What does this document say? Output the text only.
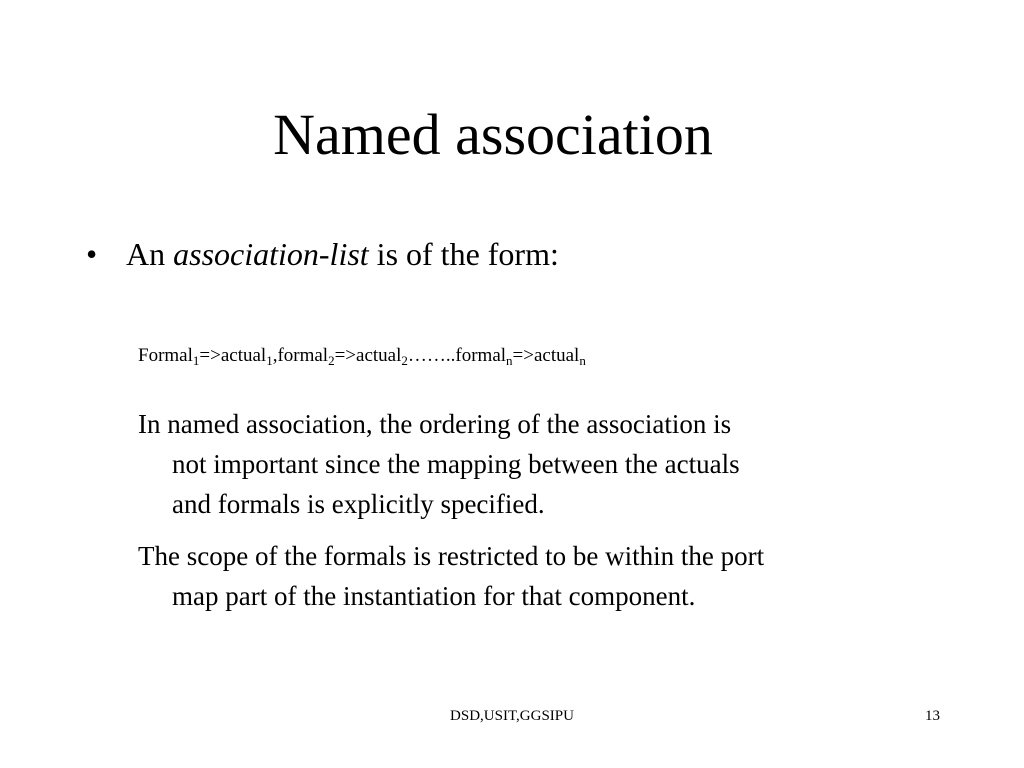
Named association
• An association-list is of the form:
Formal$_1$=>actual$_1$,formal$_2$=>actual$_2$……..formal$_n$=>actual$_n$
In named association, the ordering of the association is
not important since the mapping between the actuals
and formals is explicitly specified.
The scope of the formals is restricted to be within the port
map part of the instantiation for that component.
DSD,USIT,GGSIPU	13
